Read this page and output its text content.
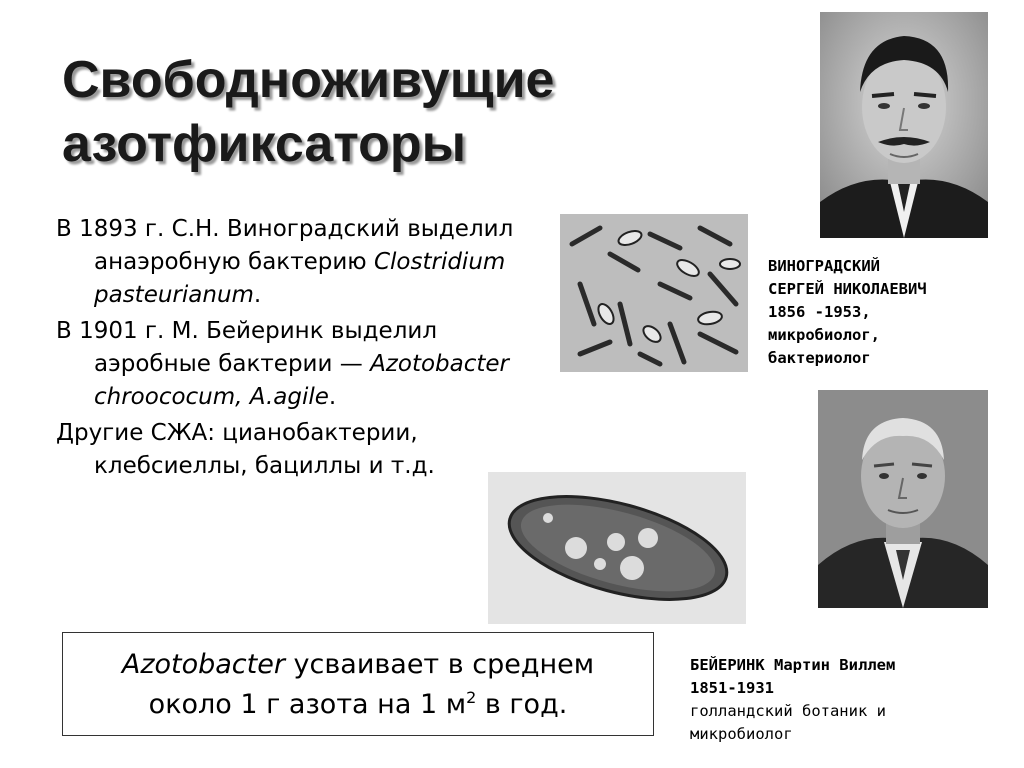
Свободноживущие
азотфиксаторы
В 1893 г. С.Н. Виноградский выделил анаэробную бактерию Clostridium pasteurianum.
В 1901 г. М. Бейеринк выделил аэробные бактерии — Azotobacter chroococum, A.agile.
Другие СЖА: цианобактерии, клебсиеллы, бациллы и т.д.
ВИНОГРАДСКИЙ
СЕРГЕЙ НИКОЛАЕВИЧ
1856 -1953,
микробиолог,
бактериолог
Azotobacter усваивает в среднем
около 1 г азота на 1 $м^2$ в год.
БЕЙЕРИНК Мартин Виллем
1851-1931
голландский ботаник и
микробиолог
